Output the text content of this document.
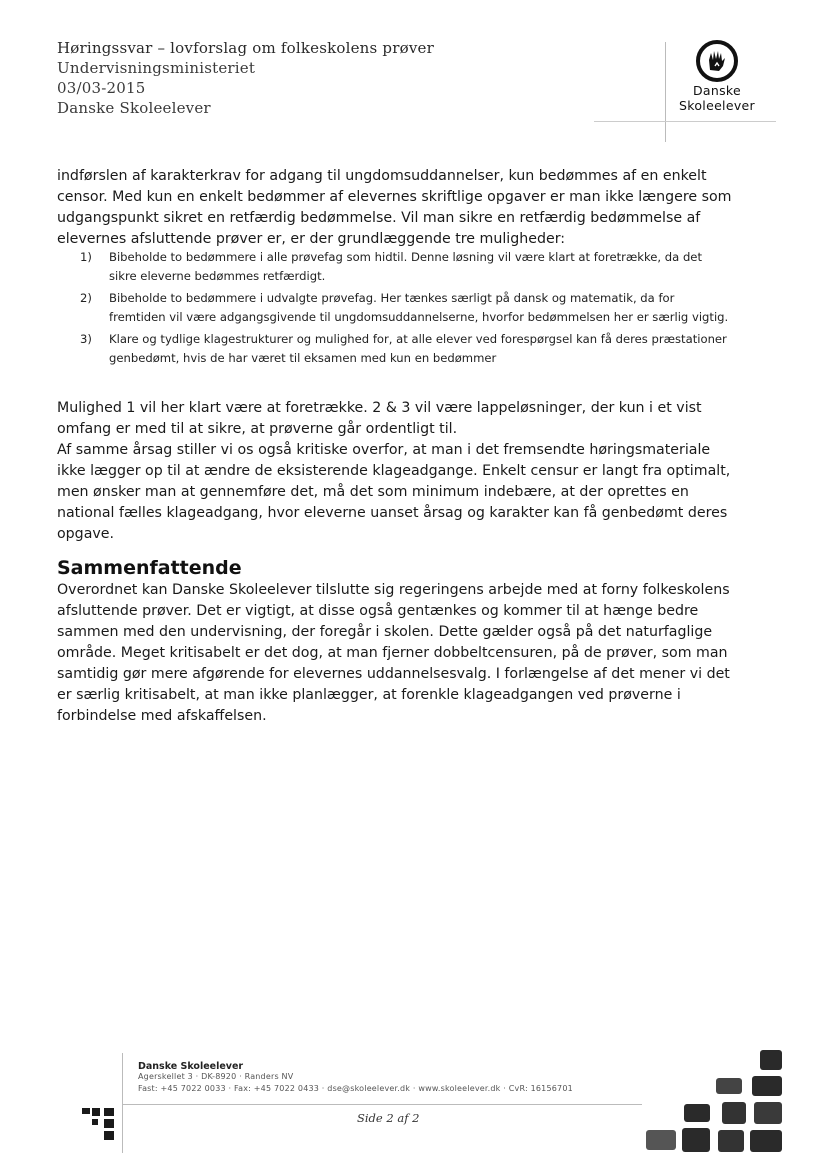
Høringssvar – lovforslag om folkeskolens prøver
Undervisningsministeriet
03/03-2015
Danske Skoleelever
Danske
Skoleelever
indførslen af karakterkrav for adgang til ungdomsuddannelser, kun bedømmes af en enkelt censor. Med kun en enkelt bedømmer af elevernes skriftlige opgaver er man ikke længere som udgangspunkt sikret en retfærdig bedømmelse. Vil man sikre en retfærdig bedømmelse af elevernes afsluttende prøver er, er der grundlæggende tre muligheder:
1) Bibeholde to bedømmere i alle prøvefag som hidtil. Denne løsning vil være klart at foretrække, da det sikre eleverne bedømmes retfærdigt.
2) Bibeholde to bedømmere i udvalgte prøvefag. Her tænkes særligt på dansk og matematik, da for fremtiden vil være adgangsgivende til ungdomsuddannelserne, hvorfor bedømmelsen her er særlig vigtig.
3) Klare og tydlige klagestrukturer og mulighed for, at alle elever ved forespørgsel kan få deres præstationer genbedømt, hvis de har været til eksamen med kun en bedømmer
Mulighed 1 vil her klart være at foretrække. 2 & 3 vil være lappeløsninger, der kun i et vist omfang er med til at sikre, at prøverne går ordentligt til.
Af samme årsag stiller vi os også kritiske overfor, at man i det fremsendte høringsmateriale ikke lægger op til at ændre de eksisterende klageadgange. Enkelt censur er langt fra optimalt, men ønsker man at gennemføre det, må det som minimum indebære, at der oprettes en national fælles klageadgang, hvor eleverne uanset årsag og karakter kan få genbedømt deres opgave.
Sammenfattende
Overordnet kan Danske Skoleelever tilslutte sig regeringens arbejde med at forny folkeskolens afsluttende prøver. Det er vigtigt, at disse også gentænkes og kommer til at hænge bedre sammen med den undervisning, der foregår i skolen. Dette gælder også på det naturfaglige område. Meget kritisabelt er det dog, at man fjerner dobbeltcensuren, på de prøver, som man samtidig gør mere afgørende for elevernes uddannelsesvalg. I forlængelse af det mener vi det er særlig kritisabelt, at man ikke planlægger, at forenkle klageadgangen ved prøverne i forbindelse med afskaffelsen.
Danske Skoleelever
Agerskellet 3 · DK-8920 · Randers NV
Fast: +45 7022 0033 · Fax: +45 7022 0433 · dse@skoleelever.dk · www.skoleelever.dk · CvR: 16156701
Side 2 af 2
